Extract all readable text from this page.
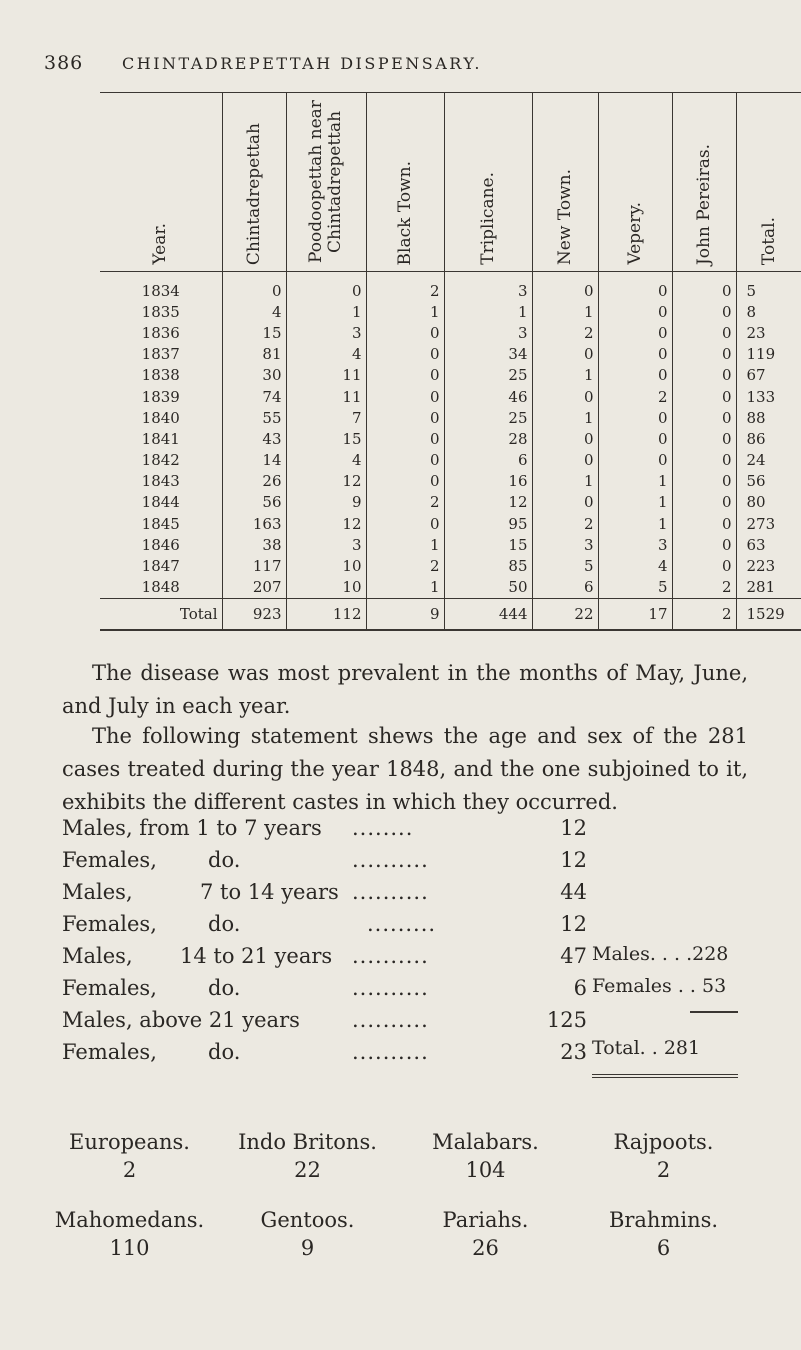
386 CHINTADREPETTAH DISPENSARY.
Year.	Chintadrepettah	Poodoopettah near Chintadrepettah	Black Town.	Triplicane.	New Town.	Vepery.	John Pereiras.	Total.

1834	0	0	2	3	0	0	0	5
1835	4	1	1	1	1	0	0	8
1836	15	3	0	3	2	0	0	23
1837	81	4	0	34	0	0	0	119
1838	30	11	0	25	1	0	0	67
1839	74	11	0	46	0	2	0	133
1840	55	7	0	25	1	0	0	88
1841	43	15	0	28	0	0	0	86
1842	14	4	0	6	0	0	0	24
1843	26	12	0	16	1	1	0	56
1844	56	9	2	12	0	1	0	80
1845	163	12	0	95	2	1	0	273
1846	38	3	1	15	3	3	0	63
1847	117	10	2	85	5	4	0	223
1848	207	10	1	50	6	5	2	281
Total	923	112	9	444	22	17	2	1529
The disease was most prevalent in the months of May, June, and July in each year.
The following statement shews the age and sex of the 281 cases treated during the year 1848, and the one subjoined to it, exhibits the different castes in which they occurred.
Males, from 1 to 7 years ........	12
Females, do.	..........	12
Males,	7 to 14 years ..........	44
Females, do.	.........	12
Males, 14 to 21 years ..........	47
Females, do.	..........	6
Males, above 21 years ..........	125
Females, do.	..........	23
Males. . . .228
Females . . 53
Total. . 281
Europeans.
2
Indo Britons.
22
Malabars.
104
Rajpoots.
2
Mahomedans.
110
Gentoos.
9
Pariahs.
26
Brahmins.
6
